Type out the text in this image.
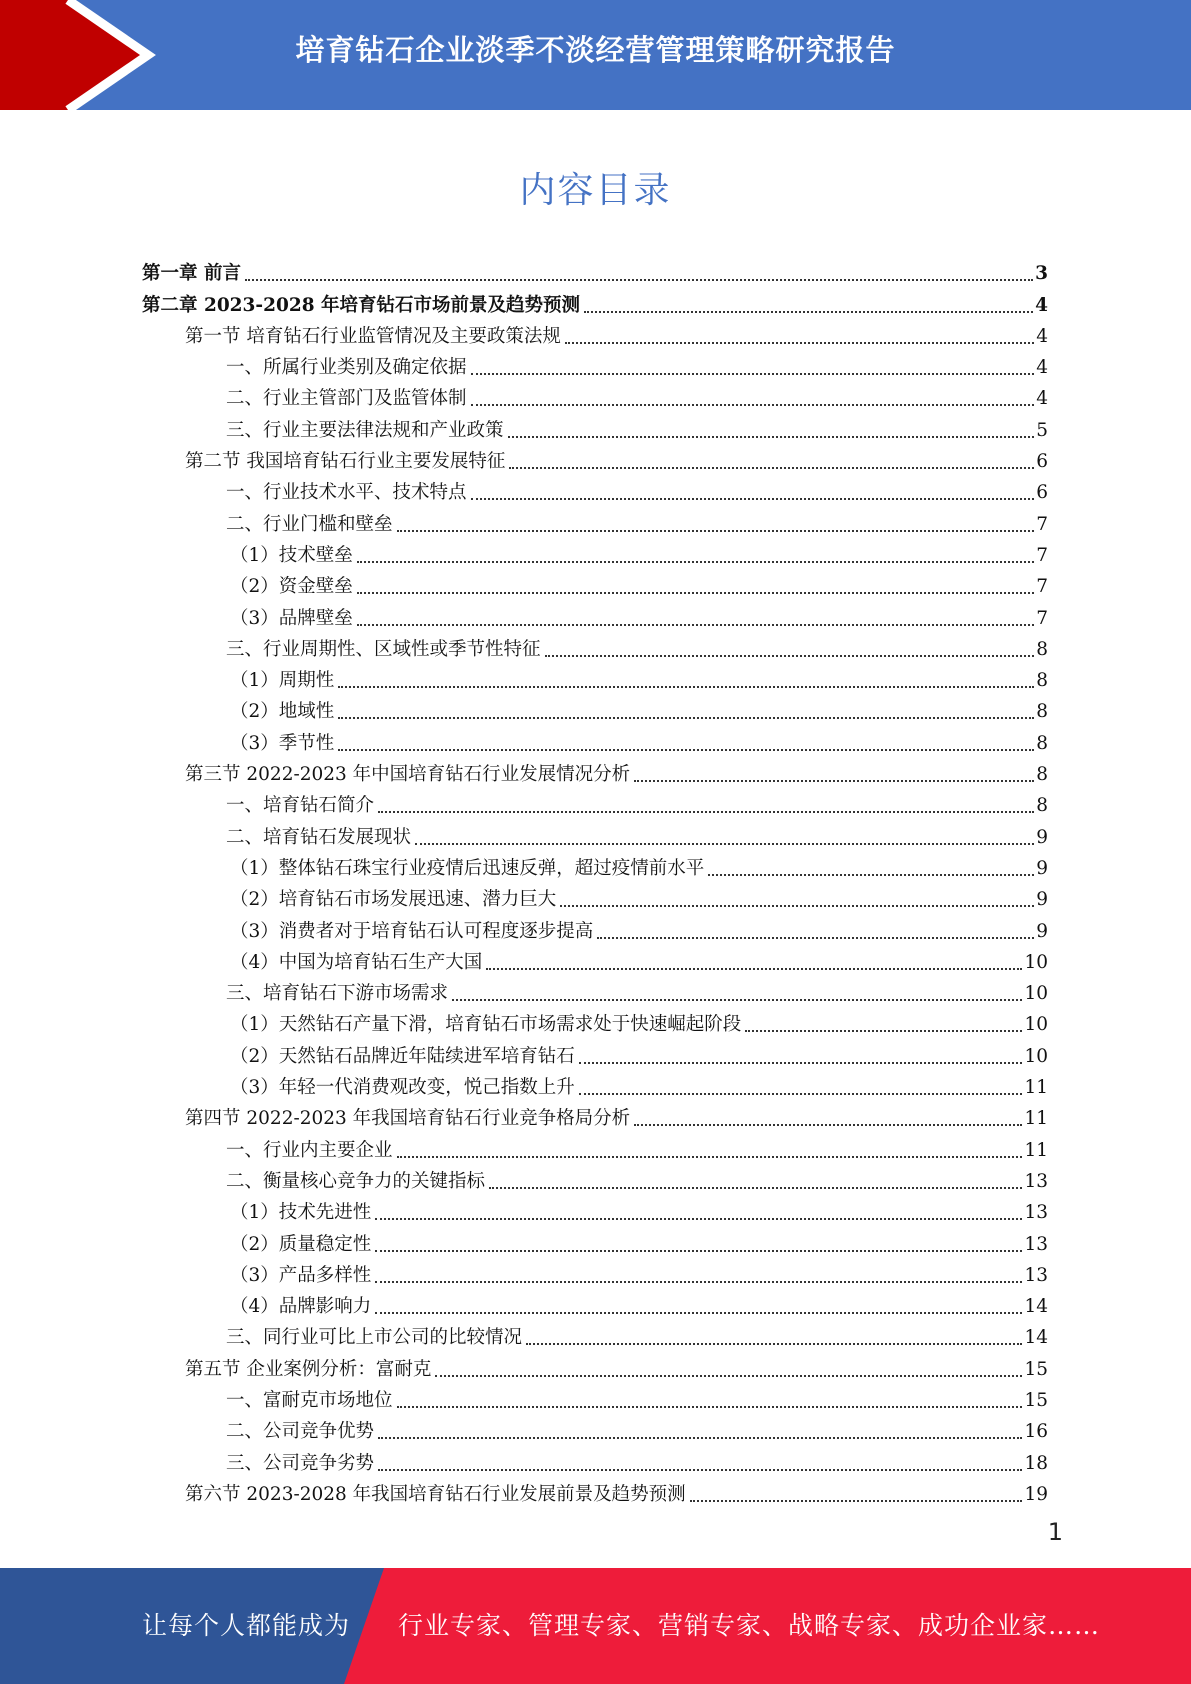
培育钻石企业淡季不淡经营管理策略研究报告
内容目录
第一章 前言	3
第二章 2023-2028 年培育钻石市场前景及趋势预测	4
第一节 培育钻石行业监管情况及主要政策法规	4
一、所属行业类别及确定依据	4
二、行业主管部门及监管体制	4
三、行业主要法律法规和产业政策	5
第二节 我国培育钻石行业主要发展特征	6
一、行业技术水平、技术特点	6
二、行业门槛和壁垒	7
（1）技术壁垒	7
（2）资金壁垒	7
（3）品牌壁垒	7
三、行业周期性、区域性或季节性特征	8
（1）周期性	8
（2）地域性	8
（3）季节性	8
第三节 2022-2023 年中国培育钻石行业发展情况分析	8
一、培育钻石简介	8
二、培育钻石发展现状	9
（1）整体钻石珠宝行业疫情后迅速反弹，超过疫情前水平	9
（2）培育钻石市场发展迅速、潜力巨大	9
（3）消费者对于培育钻石认可程度逐步提高	9
（4）中国为培育钻石生产大国	10
三、培育钻石下游市场需求	10
（1）天然钻石产量下滑，培育钻石市场需求处于快速崛起阶段	10
（2）天然钻石品牌近年陆续进军培育钻石	10
（3）年轻一代消费观改变，悦己指数上升	11
第四节 2022-2023 年我国培育钻石行业竞争格局分析	11
一、行业内主要企业	11
二、衡量核心竞争力的关键指标	13
（1）技术先进性	13
（2）质量稳定性	13
（3）产品多样性	13
（4）品牌影响力	14
三、同行业可比上市公司的比较情况	14
第五节 企业案例分析：富耐克	15
一、富耐克市场地位	15
二、公司竞争优势	16
三、公司竞争劣势	18
第六节 2023-2028 年我国培育钻石行业发展前景及趋势预测	19
1
让每个人都能成为 行业专家、管理专家、营销专家、战略专家、成功企业家……
